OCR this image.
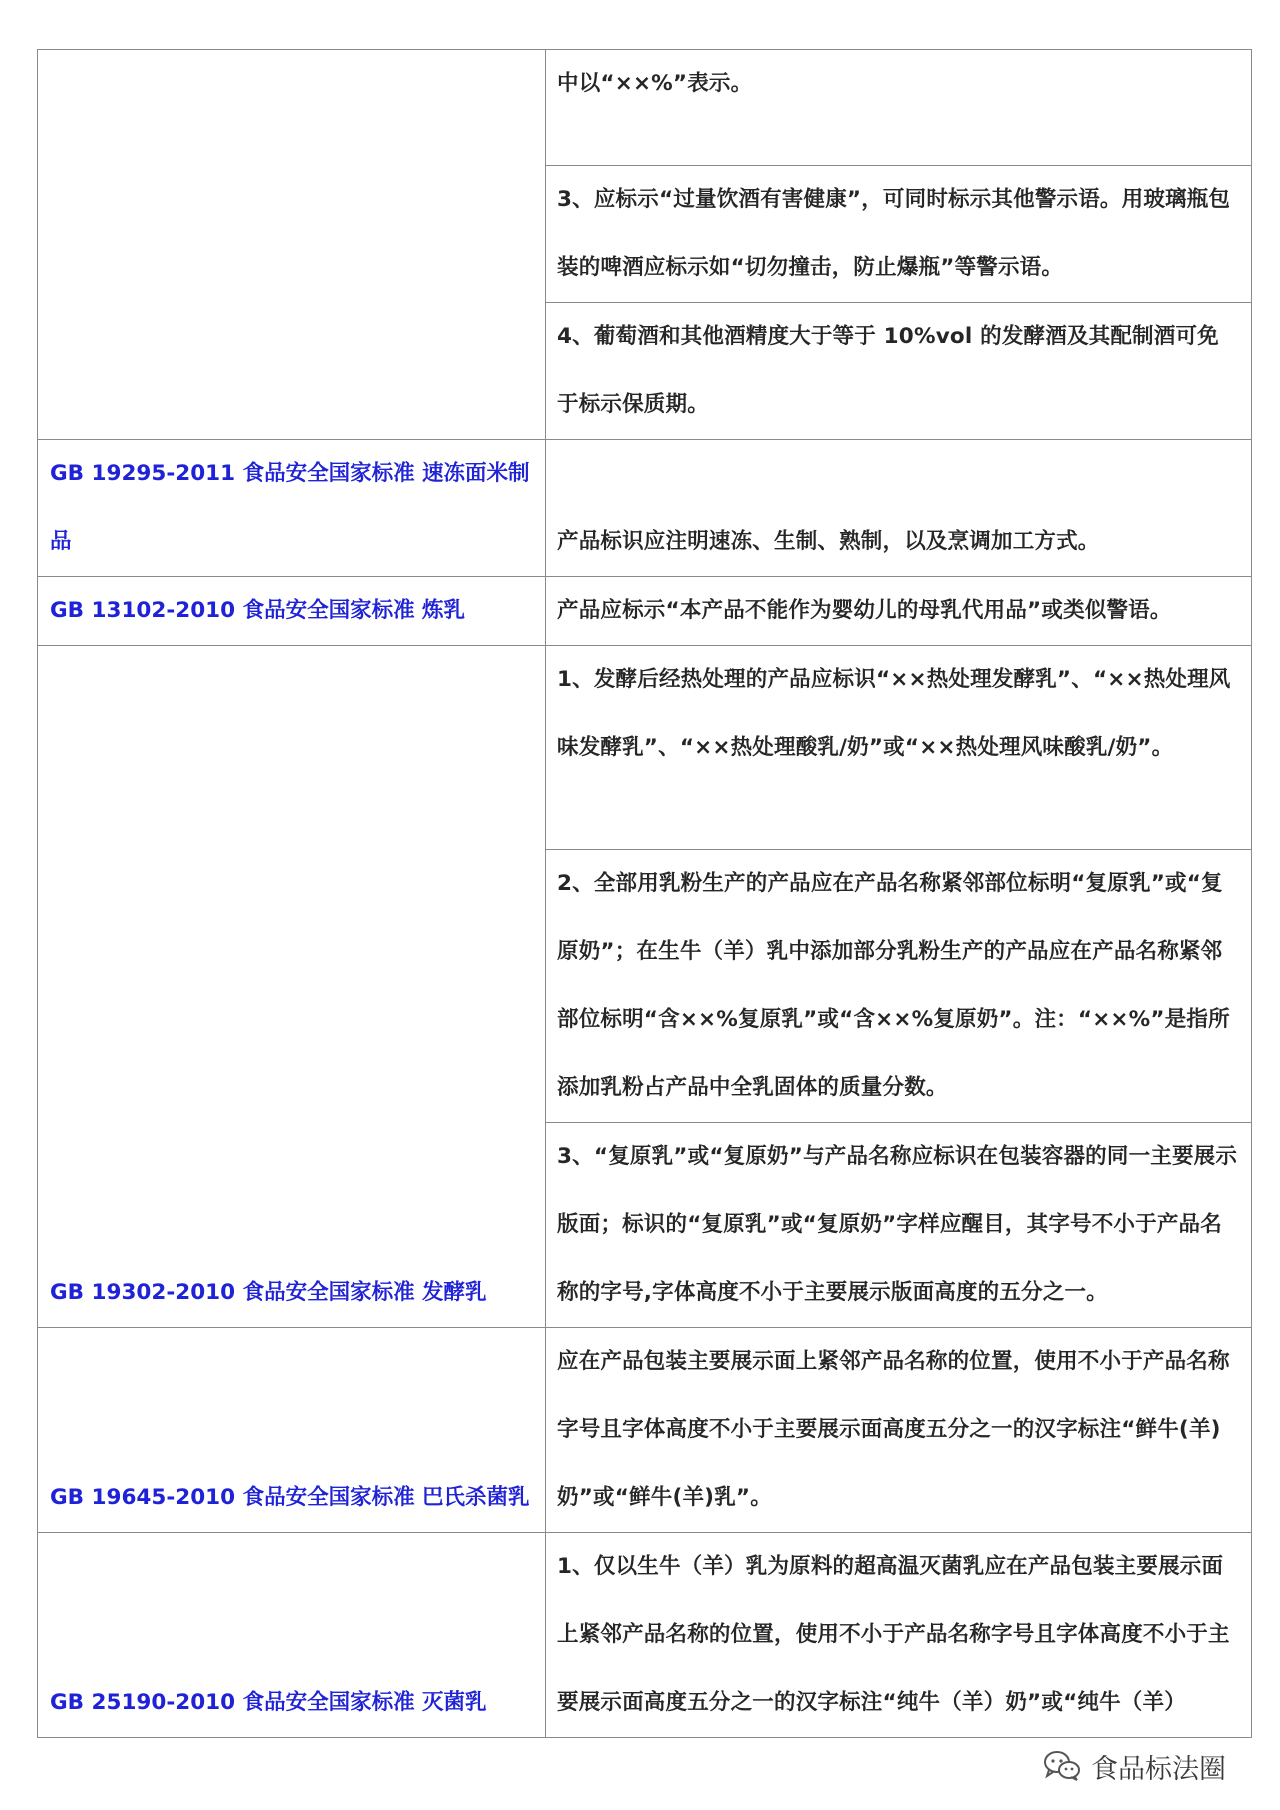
	中以“××%”表示。

	3、应标示“过量饮酒有害健康”，可同时标示其他警示语。用玻璃瓶包装的啤酒应标示如“切勿撞击，防止爆瓶”等警示语。

	4、葡萄酒和其他酒精度大于等于 10%vol 的发酵酒及其配制酒可免于标示保质期。

GB 19295-2011 食品安全国家标准 速冻面米制品	产品标识应注明速冻、生制、熟制，以及烹调加工方式。

GB 13102-2010 食品安全国家标准 炼乳	产品应标示“本产品不能作为婴幼儿的母乳代用品”或类似警语。

GB 19302-2010 食品安全国家标准 发酵乳	1、发酵后经热处理的产品应标识“××热处理发酵乳”、“××热处理风味发酵乳”、“××热处理酸乳/奶”或“××热处理风味酸乳/奶”。

	2、全部用乳粉生产的产品应在产品名称紧邻部位标明“复原乳”或“复原奶”；在生牛（羊）乳中添加部分乳粉生产的产品应在产品名称紧邻部位标明“含××%复原乳”或“含××%复原奶”。注：“××%”是指所添加乳粉占产品中全乳固体的质量分数。

	3、“复原乳”或“复原奶”与产品名称应标识在包装容器的同一主要展示版面；标识的“复原乳”或“复原奶”字样应醒目，其字号不小于产品名称的字号,字体高度不小于主要展示版面高度的五分之一。

GB 19645-2010 食品安全国家标准 巴氏杀菌乳	应在产品包装主要展示面上紧邻产品名称的位置，使用不小于产品名称字号且字体高度不小于主要展示面高度五分之一的汉字标注“鲜牛(羊)奶”或“鲜牛(羊)乳”。

GB 25190-2010 食品安全国家标准 灭菌乳	1、仅以生牛（羊）乳为原料的超高温灭菌乳应在产品包装主要展示面上紧邻产品名称的位置，使用不小于产品名称字号且字体高度不小于主要展示面高度五分之一的汉字标注“纯牛（羊）奶”或“纯牛（羊）
食品标法圈
